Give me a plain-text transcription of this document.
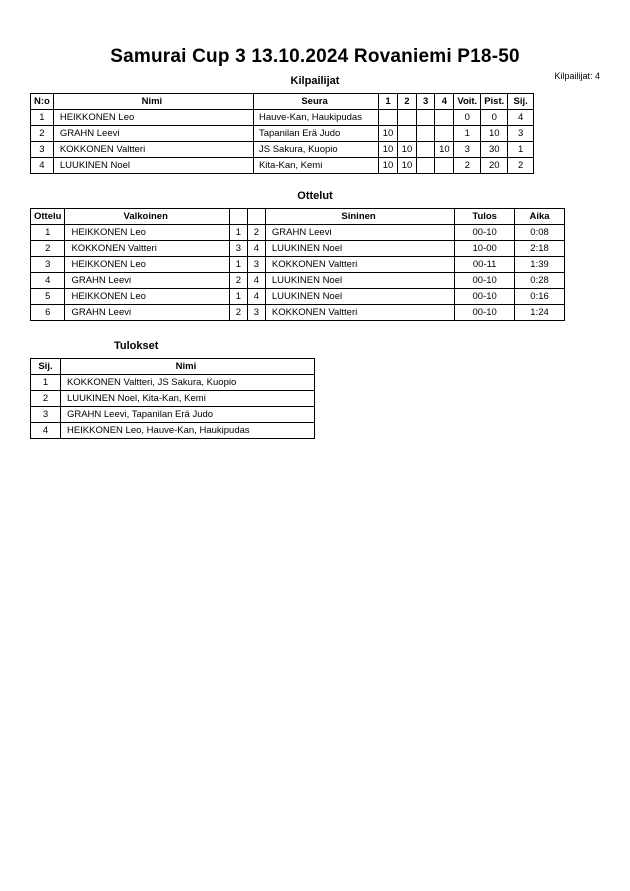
Samurai Cup 3 13.10.2024 Rovaniemi P18-50
Kilpailijat	Kilpailijat: 4
N:o	Nimi	Seura	1	2	3	4	Voit.	Pist.	Sij.
1	HEIKKONEN Leo	Hauve-Kan, Haukipudas					0	0	4
2	GRAHN Leevi	Tapanilan Erä Judo	10				1	10	3
3	KOKKONEN Valtteri	JS Sakura, Kuopio	10	10		10	3	30	1
4	LUUKINEN Noel	Kita-Kan, Kemi	10	10			2	20	2
Ottelut
Ottelu	Valkoinen			Sininen	Tulos	Aika
1	HEIKKONEN Leo	1	2	GRAHN Leevi	00-10	0:08
2	KOKKONEN Valtteri	3	4	LUUKINEN Noel	10-00	2:18
3	HEIKKONEN Leo	1	3	KOKKONEN Valtteri	00-11	1:39
4	GRAHN Leevi	2	4	LUUKINEN Noel	00-10	0:28
5	HEIKKONEN Leo	1	4	LUUKINEN Noel	00-10	0:16
6	GRAHN Leevi	2	3	KOKKONEN Valtteri	00-10	1:24
Tulokset
Sij.	Nimi
1	KOKKONEN Valtteri, JS Sakura, Kuopio
2	LUUKINEN Noel, Kita-Kan, Kemi
3	GRAHN Leevi, Tapanilan Erä Judo
4	HEIKKONEN Leo, Hauve-Kan, Haukipudas
